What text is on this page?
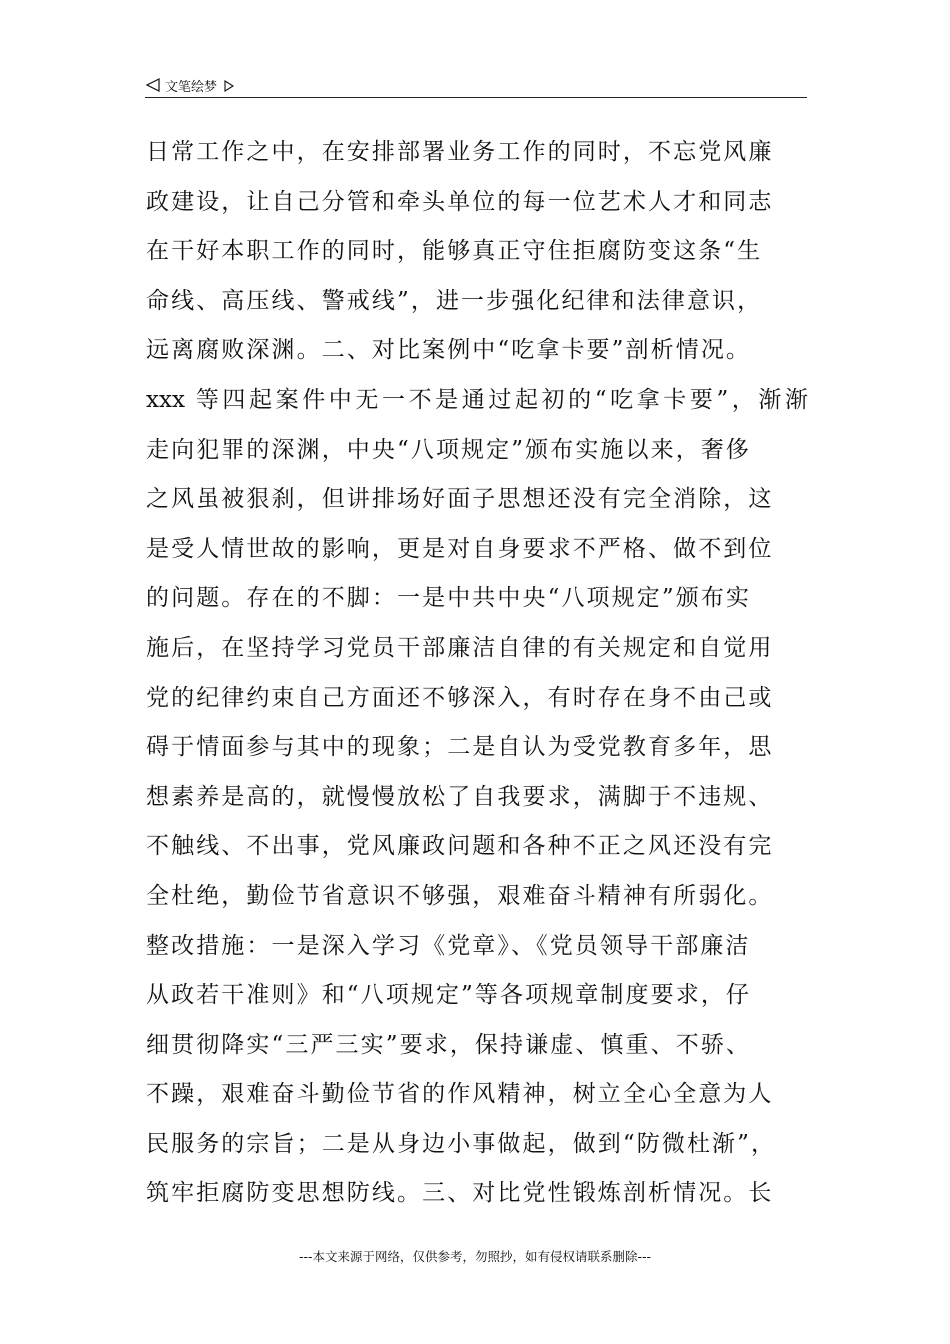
文笔绘梦
日常工作之中，在安排部署业务工作的同时，不忘党风廉
政建设，让自己分管和牵头单位的每一位艺术人才和同志
在干好本职工作的同时，能够真正守住拒腐防变这条“生
命线、高压线、警戒线”，进一步强化纪律和法律意识，
远离腐败深渊。二、对比案例中“吃拿卡要”剖析情况。
xxx 等四起案件中无一不是通过起初的“吃拿卡要”，渐渐
走向犯罪的深渊，中央“八项规定”颁布实施以来，奢侈
之风虽被狠刹，但讲排场好面子思想还没有完全消除，这
是受人情世故的影响，更是对自身要求不严格、做不到位
的问题。存在的不脚：一是中共中央“八项规定”颁布实
施后，在坚持学习党员干部廉洁自律的有关规定和自觉用
党的纪律约束自己方面还不够深入，有时存在身不由己或
碍于情面参与其中的现象；二是自认为受党教育多年，思
想素养是高的，就慢慢放松了自我要求，满脚于不违规、
不触线、不出事，党风廉政问题和各种不正之风还没有完
全杜绝，勤俭节省意识不够强，艰难奋斗精神有所弱化。
整改措施：一是深入学习《党章》、《党员领导干部廉洁
从政若干准则》和“八项规定”等各项规章制度要求，仔
细贯彻降实“三严三实”要求，保持谦虚、慎重、不骄、
不躁，艰难奋斗勤俭节省的作风精神，树立全心全意为人
民服务的宗旨；二是从身边小事做起，做到“防微杜渐”，
筑牢拒腐防变思想防线。三、对比党性锻炼剖析情况。长
---本文来源于网络，仅供参考，勿照抄，如有侵权请联系删除---
